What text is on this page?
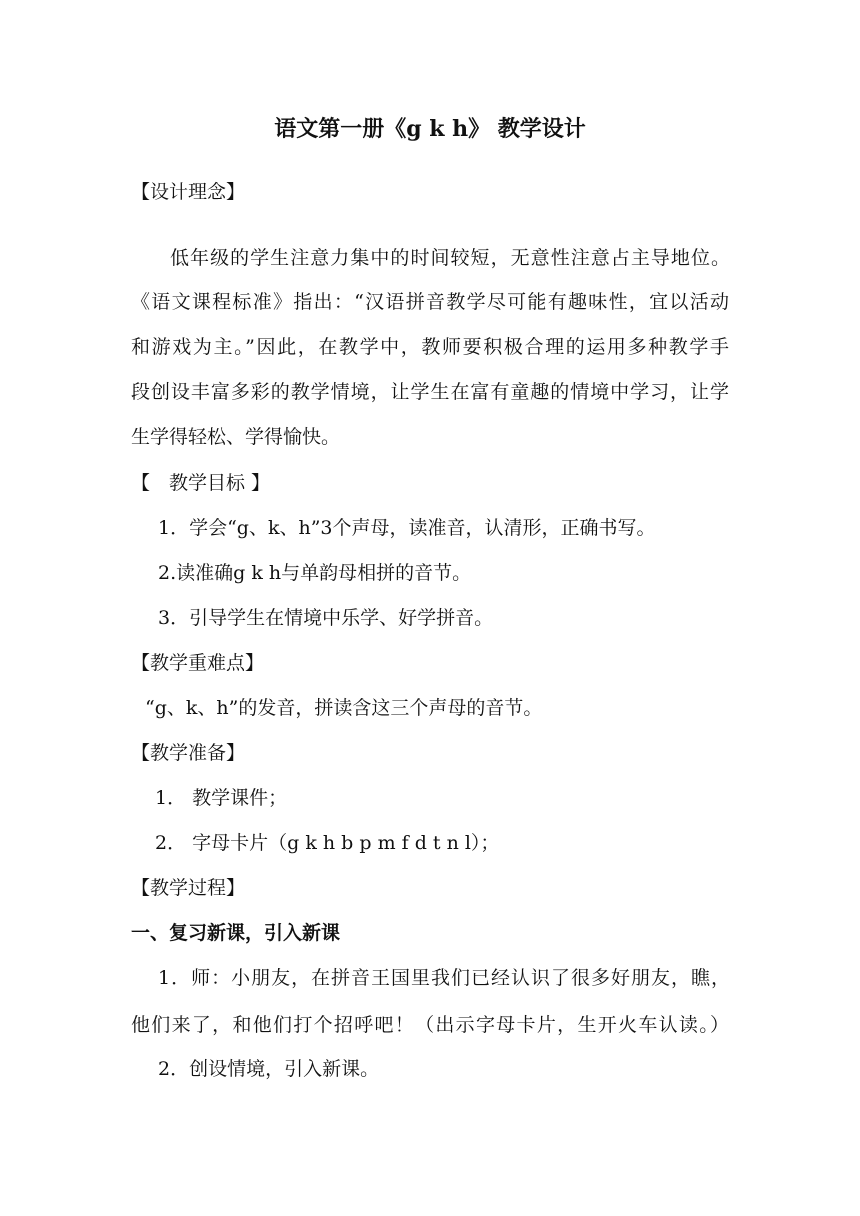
语文第一册《g k h》 教学设计
【设计理念】
低年级的学生注意力集中的时间较短，无意性注意占主导地位。
《语文课程标准》指出：“汉语拼音教学尽可能有趣味性，宜以活动
和游戏为主。”因此，在教学中，教师要积极合理的运用多种教学手
段创设丰富多彩的教学情境，让学生在富有童趣的情境中学习，让学
生学得轻松、学得愉快。
【　教学目标 】
1．学会“g、k、h”3个声母，读准音，认清形，正确书写。
2.读准确g k h与单韵母相拼的音节。
3．引导学生在情境中乐学、好学拼音。
【教学重难点】
“g、k、h”的发音，拼读含这三个声母的音节。
【教学准备】
1． 教学课件；
2． 字母卡片（g k h b p m f d t n l）；
【教学过程】
一、复习新课，引入新课
1．师：小朋友，在拼音王国里我们已经认识了很多好朋友，瞧，
他们来了，和他们打个招呼吧！（出示字母卡片，生开火车认读。）
2．创设情境，引入新课。
